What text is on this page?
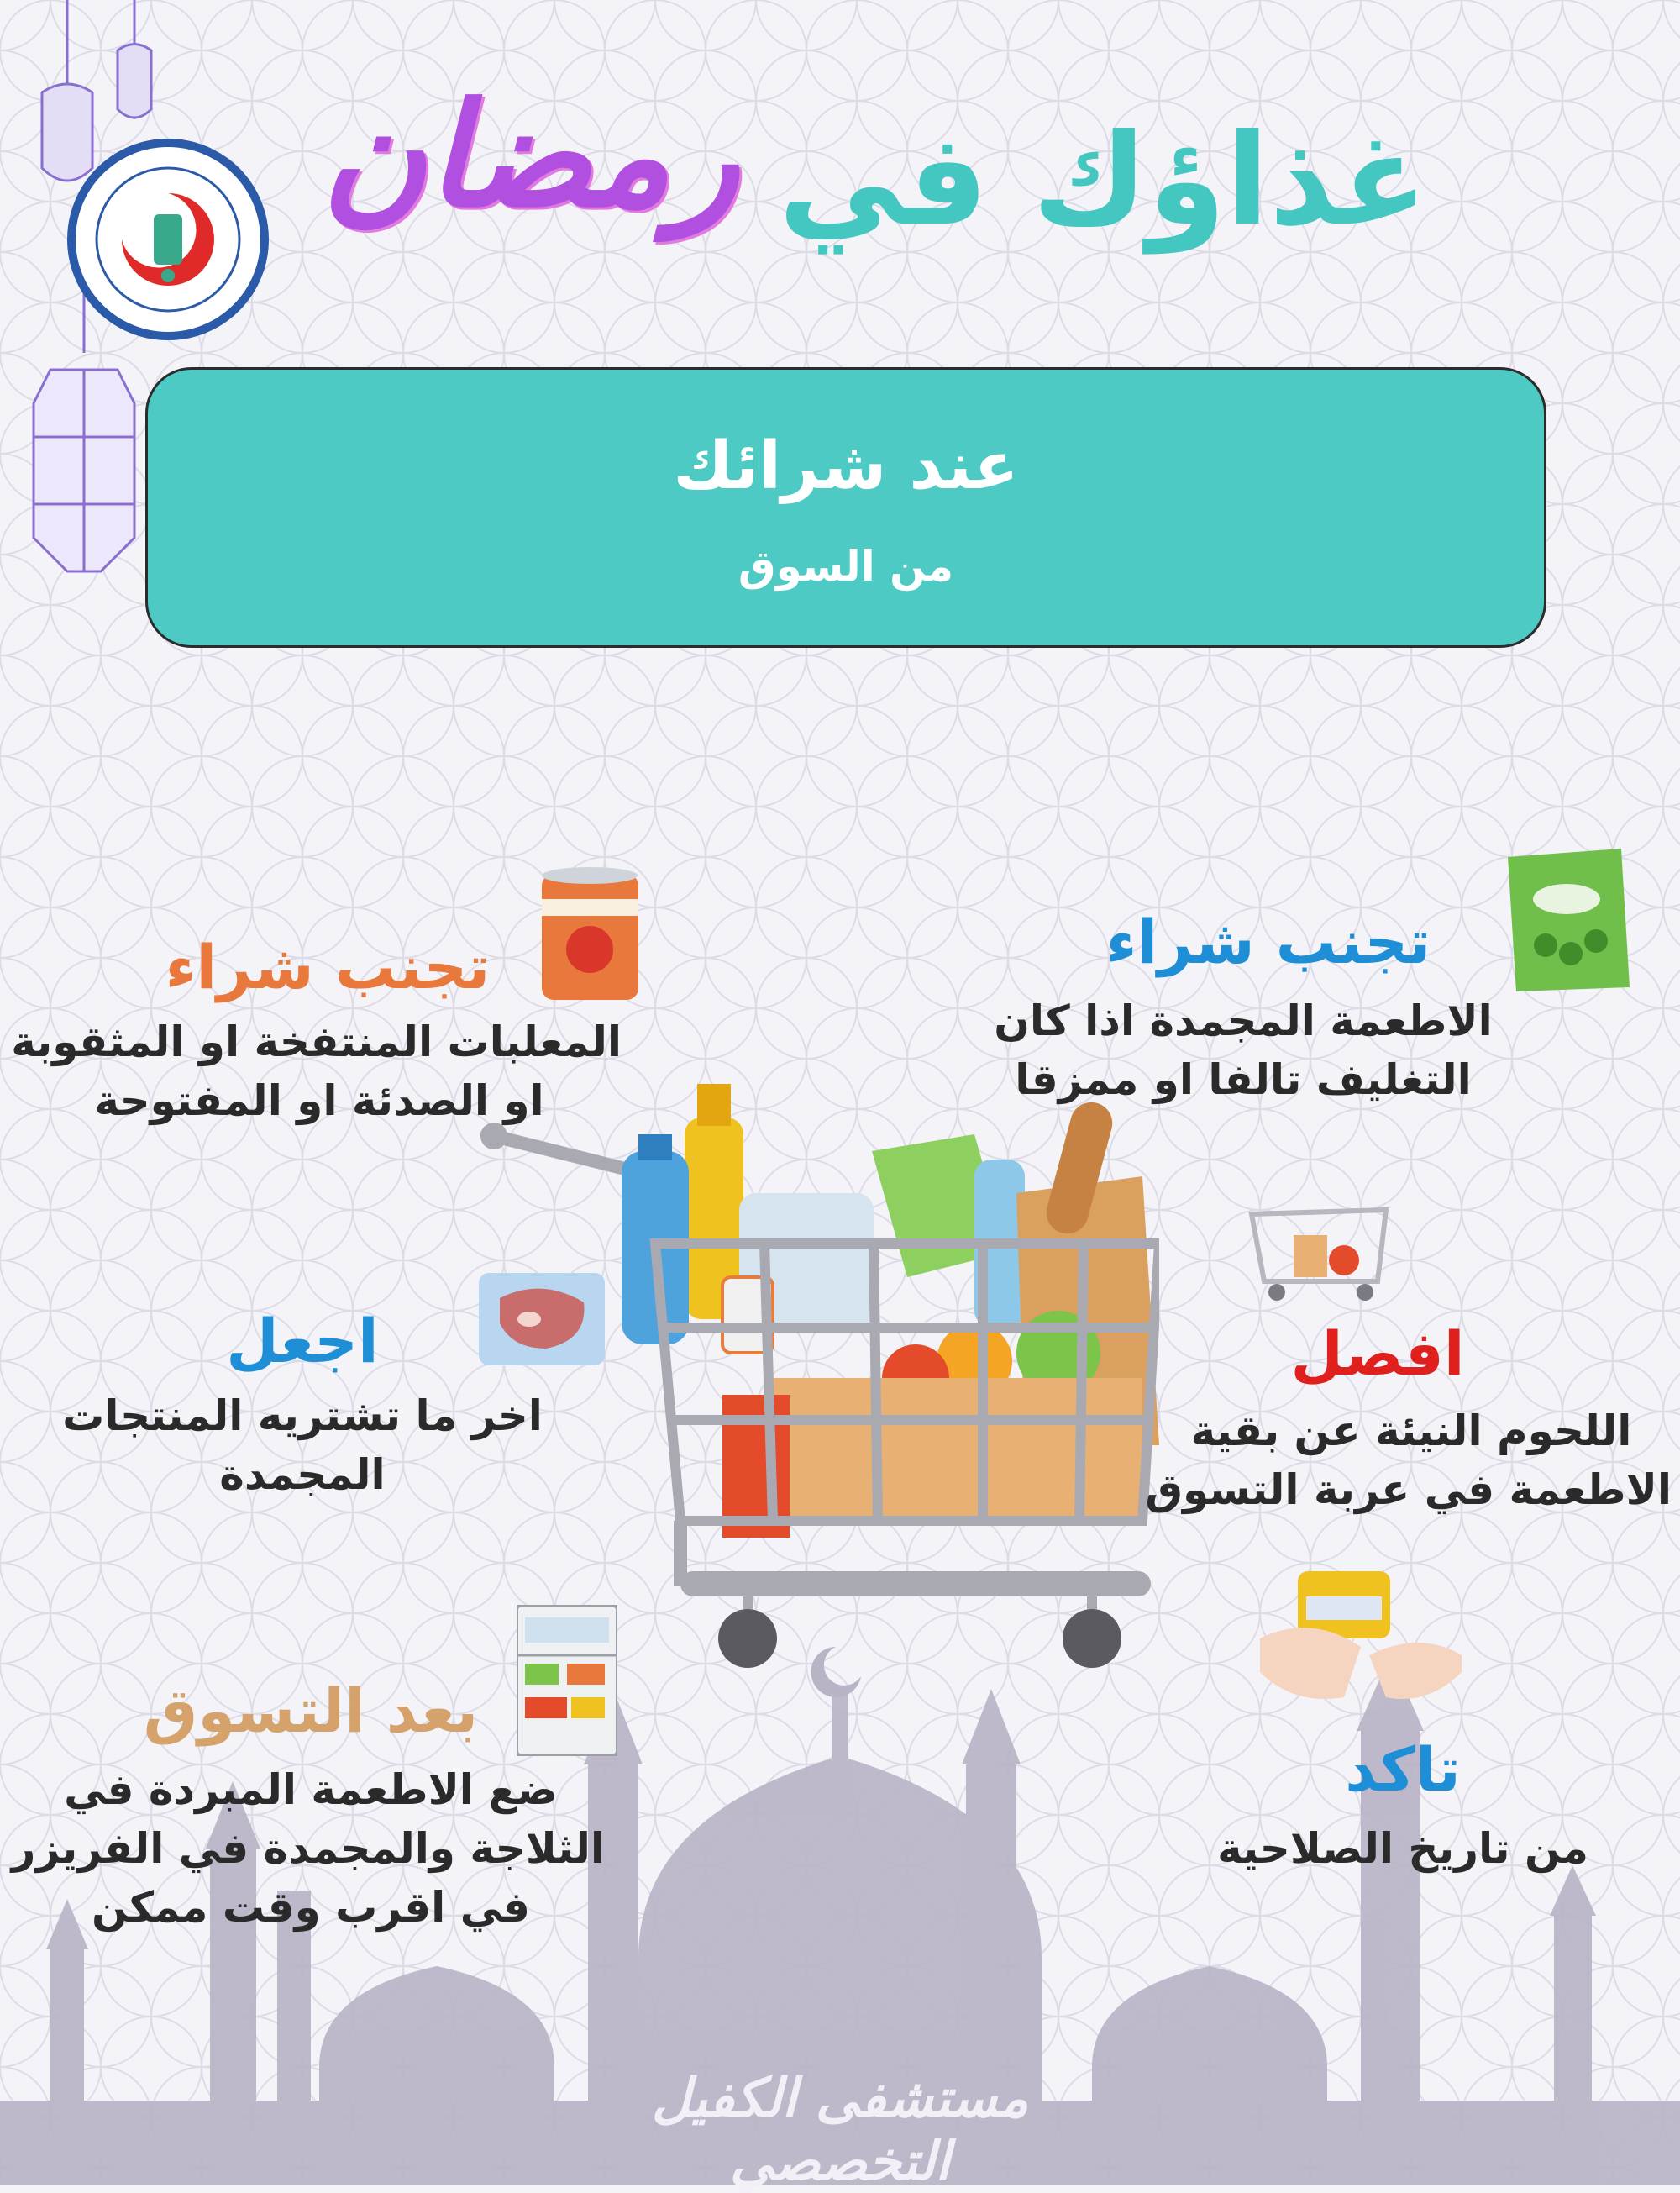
غذاؤك في
رمضان
عند شرائك
من السوق
تجنب شراء
الاطعمة المجمدة اذا كان
التغليف تالفا او ممزقا
تجنب شراء
المعلبات المنتفخة او المثقوبة
او الصدئة او المفتوحة
افصل
اللحوم النيئة عن بقية
الاطعمة في عربة التسوق
اجعل
اخر ما تشتريه المنتجات
المجمدة
تاكد
من تاريخ الصلاحية
بعد التسوق
ضع الاطعمة المبردة في
الثلاجة والمجمدة في الفريزر
في اقرب وقت ممكن
مستشفى الكفيل التخصصي
